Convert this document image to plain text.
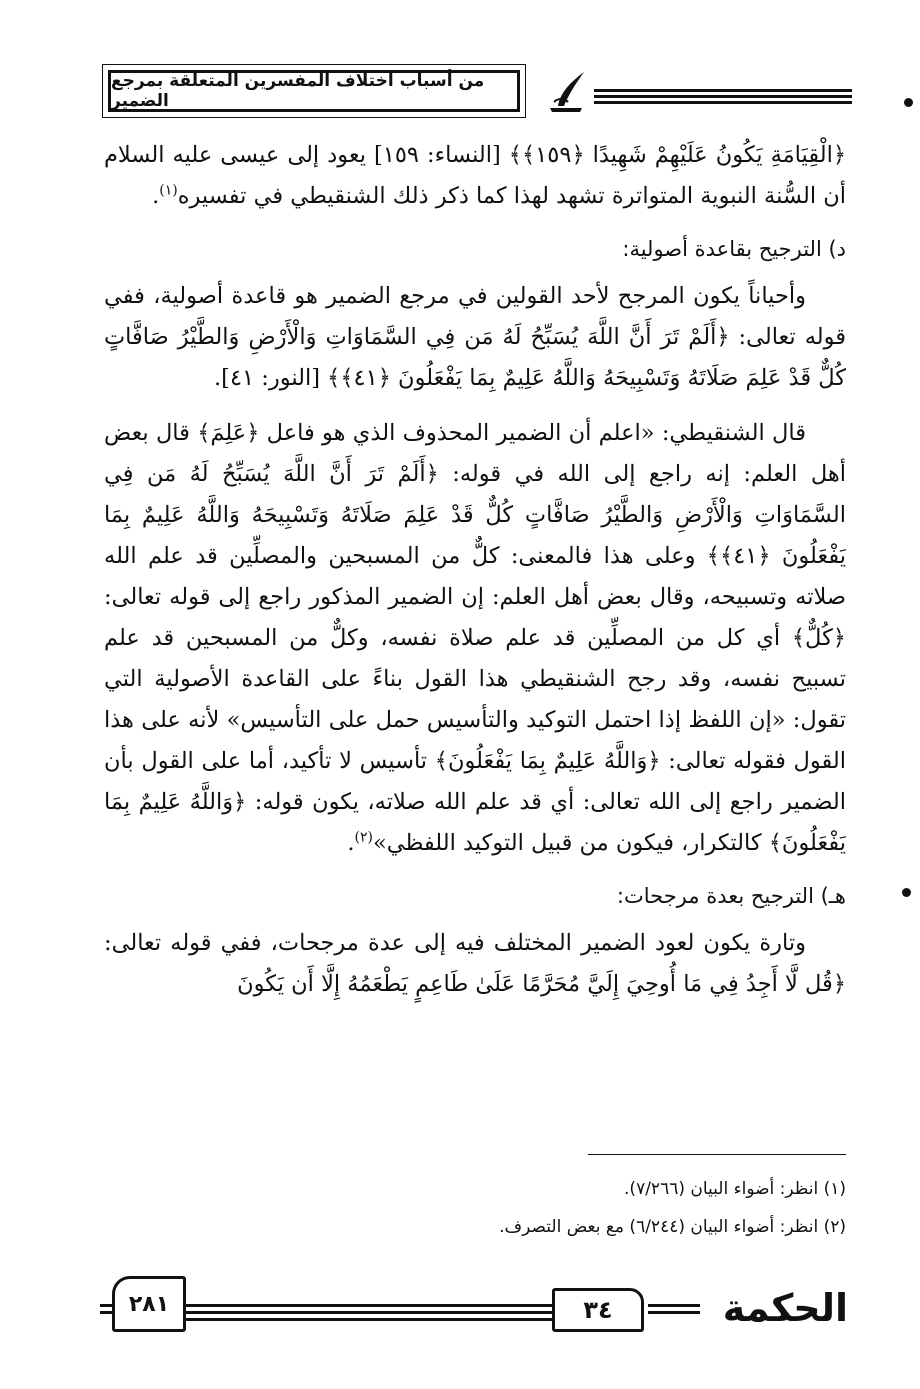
من أسباب اختلاف المفسرين المتعلقة بمرجع الضمير

﴿الْقِيَامَةِ يَكُونُ عَلَيْهِمْ شَهِيدًا ﴿١٥٩﴾﴾ [النساء: ١٥٩] يعود إلى عيسى عليه السلام أن السُّنة النبوية المتواترة تشهد لهذا كما ذكر ذلك الشنقيطي في تفسيره$^{(١)}$.

د) الترجيح بقاعدة أصولية:

وأحياناً يكون المرجح لأحد القولين في مرجع الضمير هو قاعدة أصولية، ففي قوله تعالى: ﴿أَلَمْ تَرَ أَنَّ اللَّهَ يُسَبِّحُ لَهُ مَن فِي السَّمَاوَاتِ وَالْأَرْضِ وَالطَّيْرُ صَافَّاتٍ كُلٌّ قَدْ عَلِمَ صَلَاتَهُ وَتَسْبِيحَهُ وَاللَّهُ عَلِيمٌ بِمَا يَفْعَلُونَ ﴿٤١﴾﴾ [النور: ٤١].

قال الشنقيطي: «اعلم أن الضمير المحذوف الذي هو فاعل ﴿عَلِمَ﴾ قال بعض أهل العلم: إنه راجع إلى الله في قوله: ﴿أَلَمْ تَرَ أَنَّ اللَّهَ يُسَبِّحُ لَهُ مَن فِي السَّمَاوَاتِ وَالْأَرْضِ وَالطَّيْرُ صَافَّاتٍ كُلٌّ قَدْ عَلِمَ صَلَاتَهُ وَتَسْبِيحَهُ وَاللَّهُ عَلِيمٌ بِمَا يَفْعَلُونَ ﴿٤١﴾﴾ وعلى هذا فالمعنى: كلٌّ من المسبحين والمصلِّين قد علم الله صلاته وتسبيحه، وقال بعض أهل العلم: إن الضمير المذكور راجع إلى قوله تعالى: ﴿كُلٌّ﴾ أي كل من المصلِّين قد علم صلاة نفسه، وكلٌّ من المسبحين قد علم تسبيح نفسه، وقد رجح الشنقيطي هذا القول بناءً على القاعدة الأصولية التي تقول: «إن اللفظ إذا احتمل التوكيد والتأسيس حمل على التأسيس» لأنه على هذا القول فقوله تعالى: ﴿وَاللَّهُ عَلِيمٌ بِمَا يَفْعَلُونَ﴾ تأسيس لا تأكيد، أما على القول بأن الضمير راجع إلى الله تعالى: أي قد علم الله صلاته، يكون قوله: ﴿وَاللَّهُ عَلِيمٌ بِمَا يَفْعَلُونَ﴾ كالتكرار، فيكون من قبيل التوكيد اللفظي»$^{(٢)}$.

هـ) الترجيح بعدة مرجحات:

وتارة يكون لعود الضمير المختلف فيه إلى عدة مرجحات، ففي قوله تعالى: ﴿قُل لَّا أَجِدُ فِي مَا أُوحِيَ إِلَيَّ مُحَرَّمًا عَلَىٰ طَاعِمٍ يَطْعَمُهُ إِلَّا أَن يَكُونَ

(١) انظر: أضواء البيان (٧/٢٦٦).
(٢) انظر: أضواء البيان (٦/٢٤٤) مع بعض التصرف.
الحكمة
٣٤
٢٨١
